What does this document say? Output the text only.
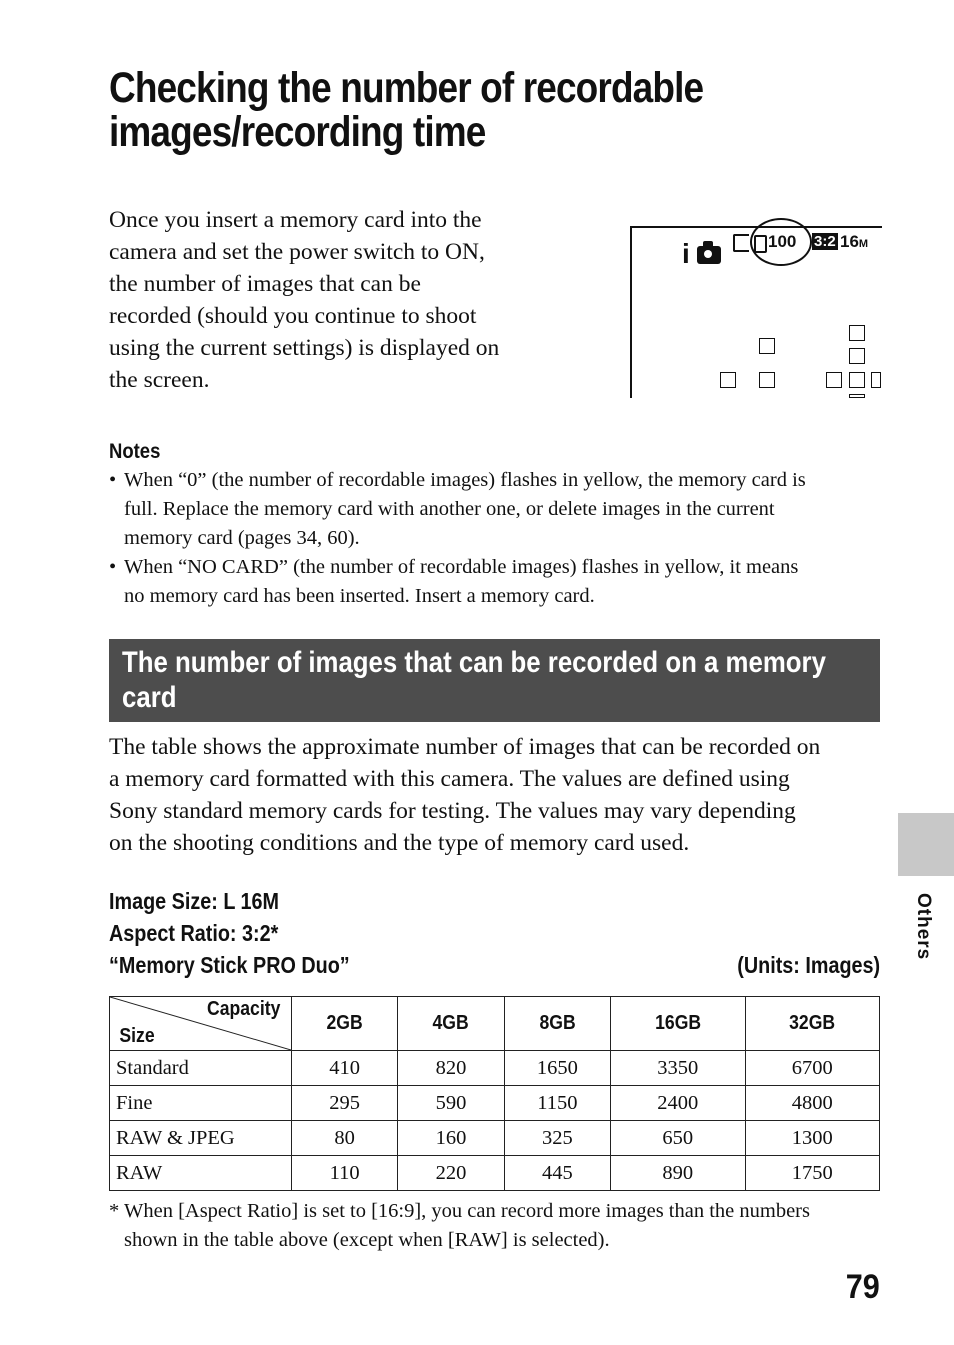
Checking the number of recordable
images/recording time
Once you insert a memory card into the
camera and set the power switch to ON,
the number of images that can be
recorded (should you continue to shoot
using the current settings) is displayed on
the screen.
i	100 3:2 16M
Notes
• When “0” (the number of recordable images) flashes in yellow, the memory card is
full. Replace the memory card with another one, or delete images in the current
memory card (pages 34, 60).
• When “NO CARD” (the number of recordable images) flashes in yellow, it means
no memory card has been inserted. Insert a memory card.
The number of images that can be recorded on a memory
card
The table shows the approximate number of images that can be recorded on
a memory card formatted with this camera. The values are defined using
Sony standard memory cards for testing. The values may vary depending
on the shooting conditions and the type of memory card used.
Image Size: L 16M
Aspect Ratio: 3:2*
“Memory Stick PRO Duo”	(Units: Images)
Capacity
Size	2GB	4GB	8GB	16GB	32GB
Standard	410	820	1650	3350	6700
Fine	295	590	1150	2400	4800
RAW & JPEG	80	160	325	650	1300
RAW	110	220	445	890	1750
* When [Aspect Ratio] is set to [16:9], you can record more images than the numbers
shown in the table above (except when [RAW] is selected).
Others
79
